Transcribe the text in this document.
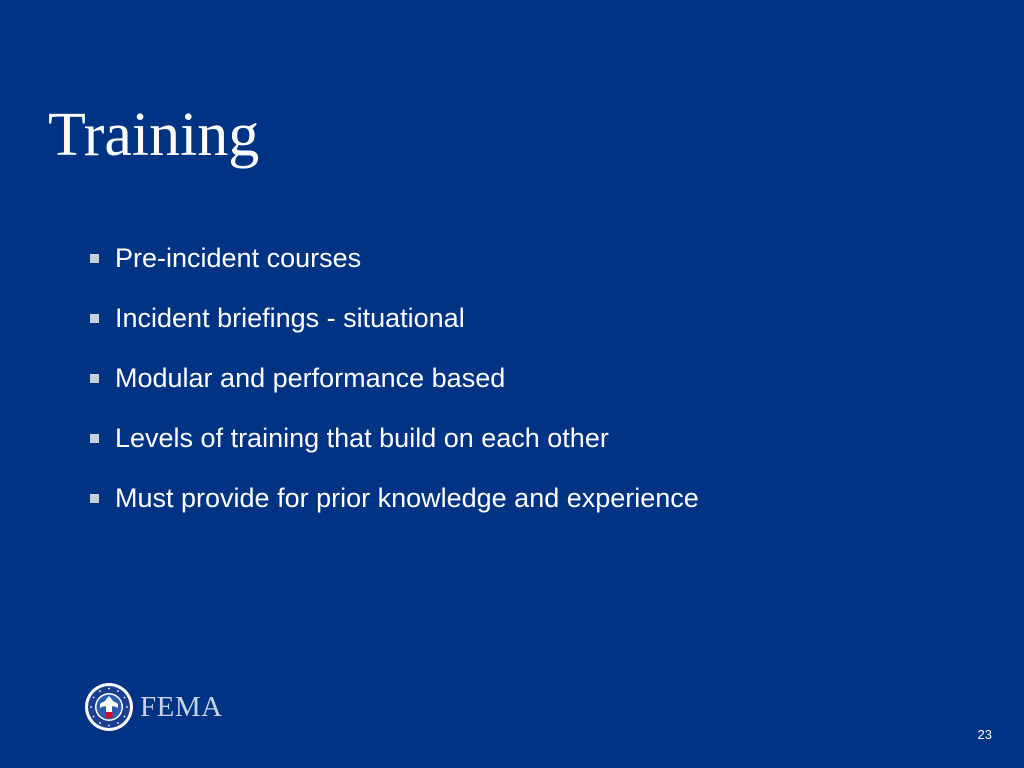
Training
Pre-incident courses
Incident briefings - situational
Modular and performance based
Levels of training that build on each other
Must provide for prior knowledge and experience
FEMA
23
